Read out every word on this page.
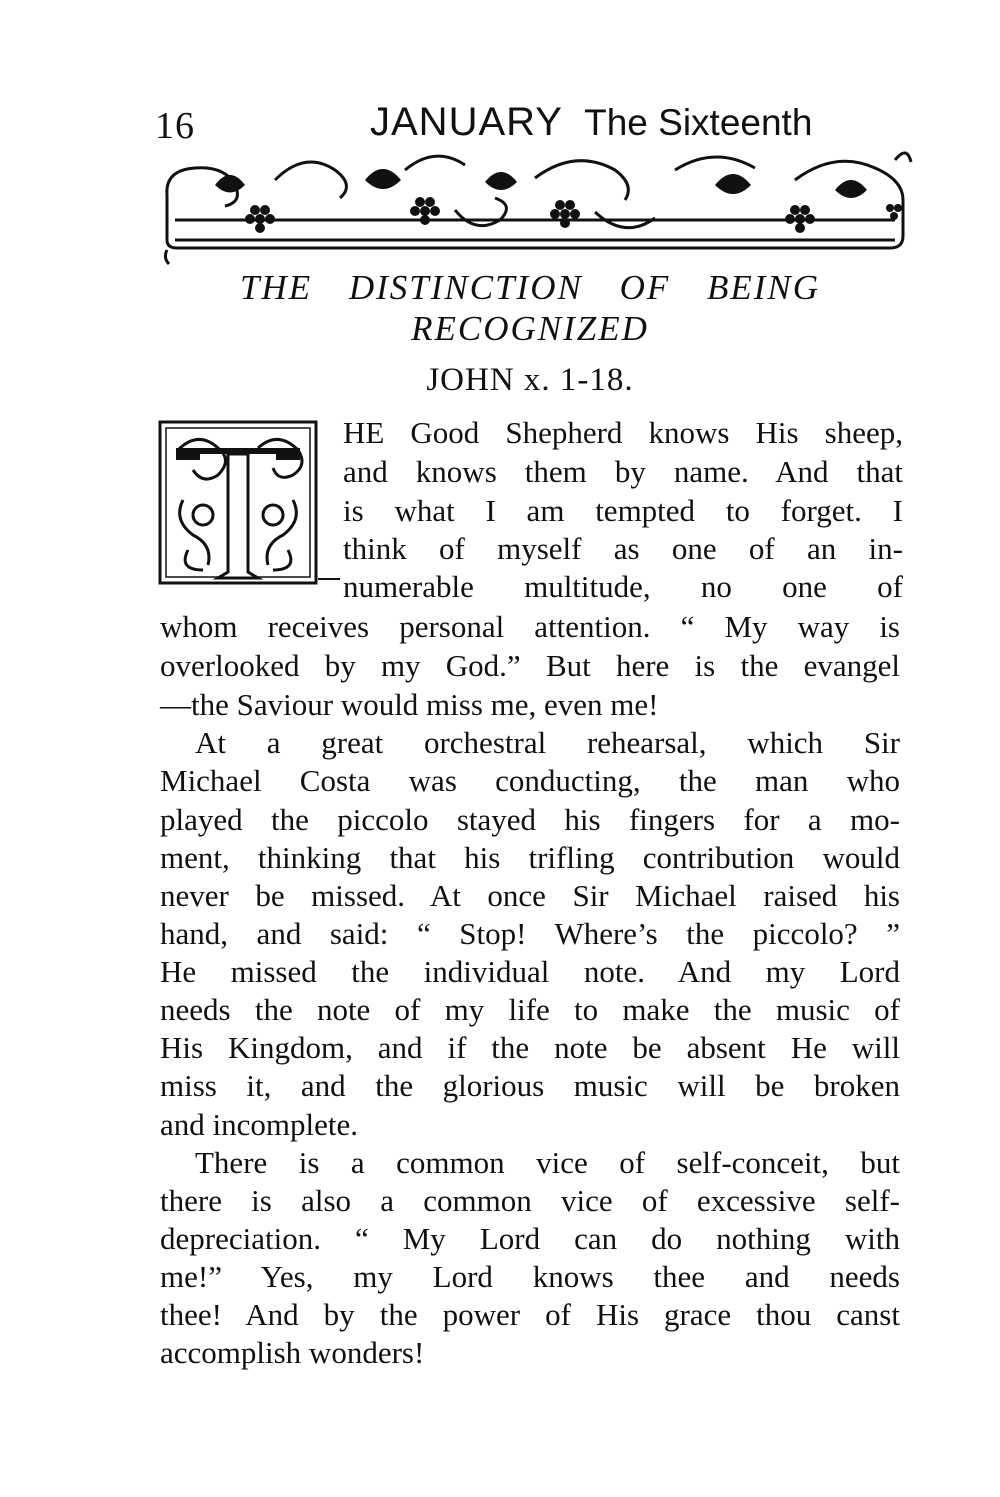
16	JANUARY The Sixteenth
THE DISTINCTION OF BEING
RECOGNIZED
JOHN x. 1-18.
HE Good Shepherd knows His sheep,
and knows them by name. And that
is what I am tempted to forget. I
think of myself as one of an in-
numerable multitude, no one of
whom receives personal attention. “ My way is
overlooked by my God.” But here is the evangel
—the Saviour would miss me, even me!
At a great orchestral rehearsal, which Sir
Michael Costa was conducting, the man who
played the piccolo stayed his fingers for a mo-
ment, thinking that his trifling contribution would
never be missed. At once Sir Michael raised his
hand, and said: “ Stop! Where’s the piccolo? ”
He missed the individual note. And my Lord
needs the note of my life to make the music of
His Kingdom, and if the note be absent He will
miss it, and the glorious music will be broken
and incomplete.
There is a common vice of self-conceit, but
there is also a common vice of excessive self-
depreciation. “ My Lord can do nothing with
me!” Yes, my Lord knows thee and needs
thee! And by the power of His grace thou canst
accomplish wonders!
